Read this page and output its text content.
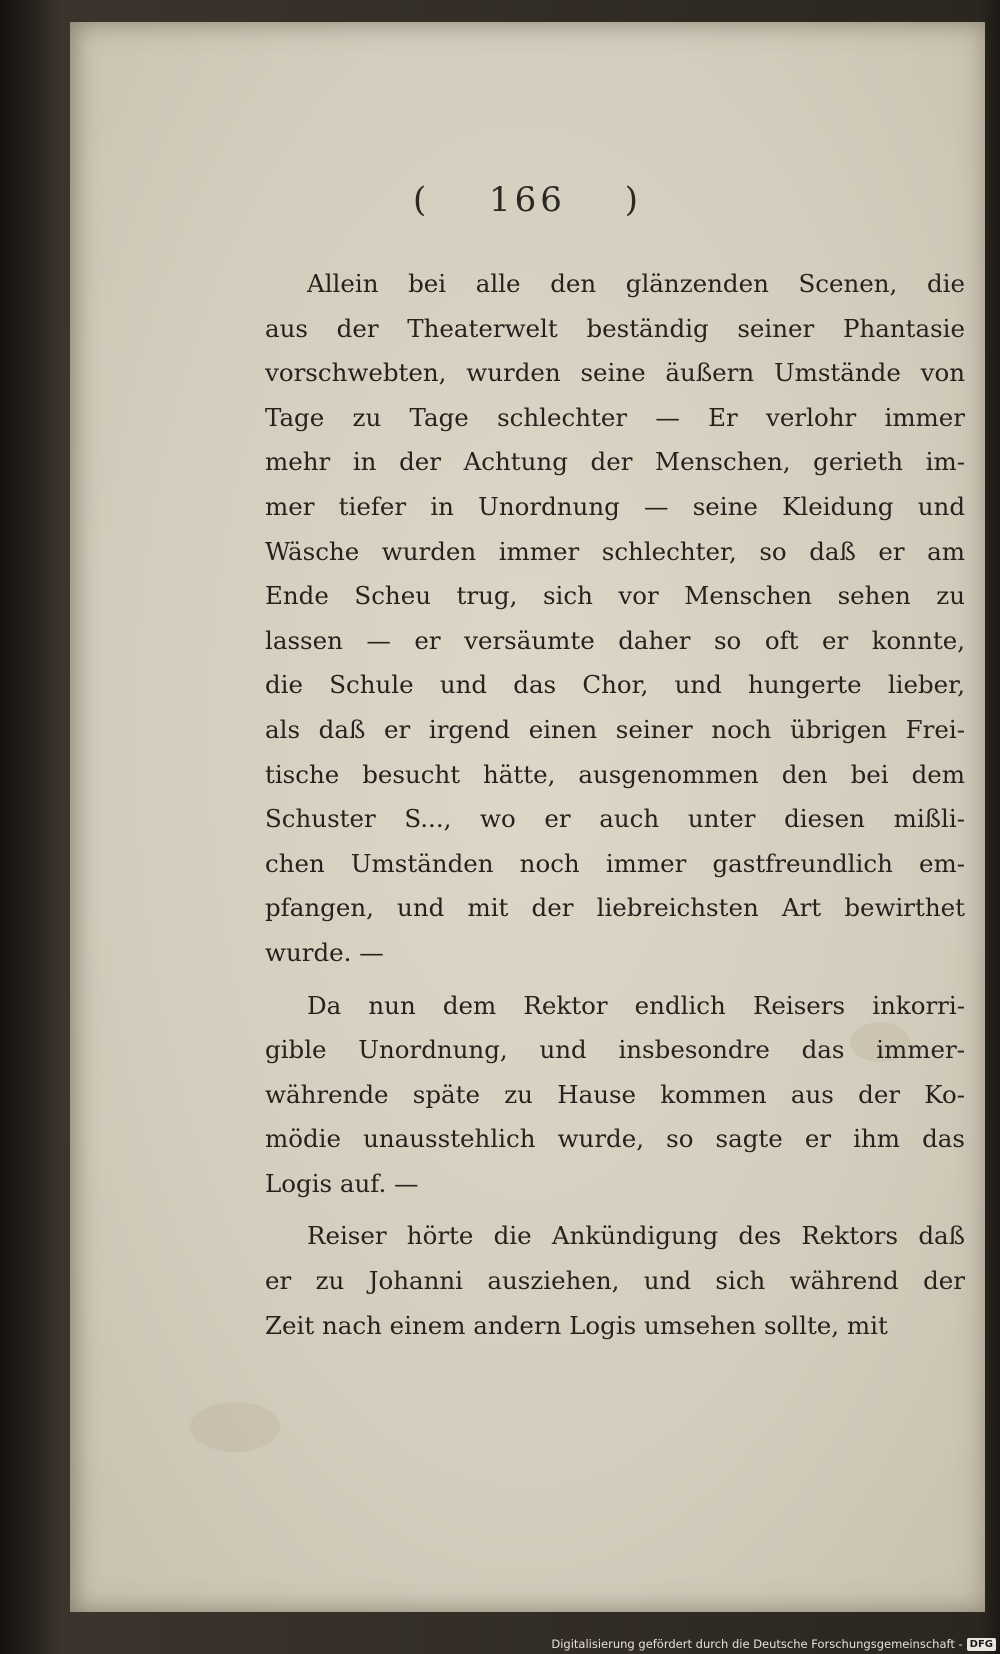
( 166 )
Allein bei alle den glänzenden Scenen, die
aus der Theaterwelt beständig seiner Phantasie
vorschwebten, wurden seine äußern Umstände von
Tage zu Tage schlechter — Er verlohr immer
mehr in der Achtung der Menschen, gerieth im-
mer tiefer in Unordnung — seine Kleidung und
Wäsche wurden immer schlechter, so daß er am
Ende Scheu trug, sich vor Menschen sehen zu
lassen — er versäumte daher so oft er konnte,
die Schule und das Chor, und hungerte lieber,
als daß er irgend einen seiner noch übrigen Frei-
tische besucht hätte, ausgenommen den bei dem
Schuster S..., wo er auch unter diesen mißli-
chen Umständen noch immer gastfreundlich em-
pfangen, und mit der liebreichsten Art bewirthet
wurde. —
Da nun dem Rektor endlich Reisers inkorri-
gible Unordnung, und insbesondre das immer-
währende späte zu Hause kommen aus der Ko-
mödie unausstehlich wurde, so sagte er ihm das
Logis auf. —
Reiser hörte die Ankündigung des Rektors daß
er zu Johanni ausziehen, und sich während der
Zeit nach einem andern Logis umsehen sollte, mit
Digitalisierung gefördert durch die Deutsche Forschungsgemeinschaft - DFG
